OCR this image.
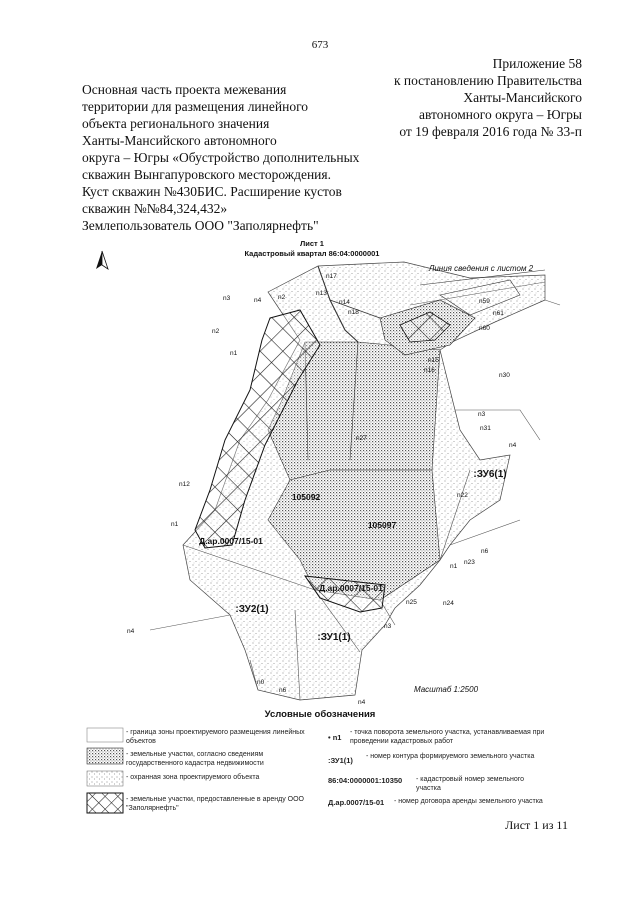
673
Приложение 58
к постановлению Правительства
Ханты-Мансийского
автономного округа – Югры
от 19 февраля 2016 года № 33-п
Основная часть проекта межевания
территории для размещения линейного
объекта регионального значения
Ханты-Мансийского автономного
округа – Югры «Обустройство дополнительных
скважин Вынгапуровского месторождения.
Куст скважин №430БИС. Расширение кустов
скважин №№84,324,432»
Землепользователь ООО "Заполярнефть"
Лист 1
Кадастровый квартал 86:04:0000001
Линия сведения с листом 2
Масштаб 1:2500
105092
105097
Д.ар.0007/15-01
Д.ар.0007/15-01
:ЗУ6(1)
:ЗУ2(1)
:ЗУ1(1)
n3	n4
n2
n1
n12
n1
n4
n0
n6
n4
n3
n25	n24
n23
n1
n6
n22
n4
n31
n3
n30
n15
n16
n60
n61
n59
n14
n17
n18
n13
n2
n27
Условные обозначения
- граница зоны проектируемого размещения линейных объектов
- земельные участки, согласно сведениям государственного кадастра недвижимости
- охранная зона проектируемого объекта
- земельные участки, предоставленные в аренду ООО "Заполярнефть"
• n1
- точка поворота земельного участка, устанавливаемая при проведении кадастровых работ
:ЗУ1(1) - номер контура формируемого земельного участка
86:04:0000001:10350 - кадастровый номер земельного участка
Д.ар.0007/15-01 - номер договора аренды земельного участка
Лист 1 из 11
